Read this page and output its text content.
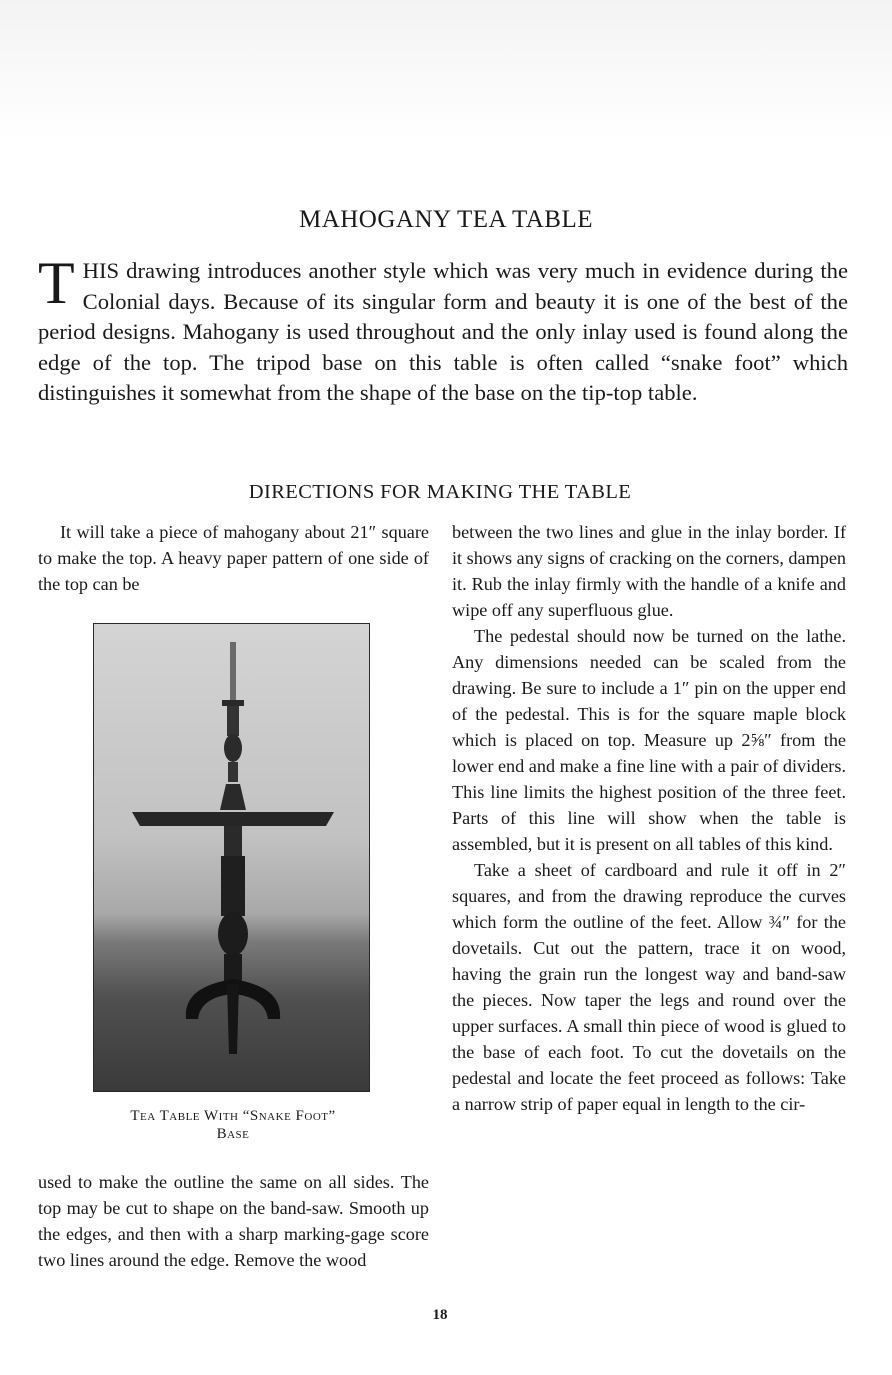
MAHOGANY TEA TABLE
T HIS drawing introduces another style which was very much in evidence during the Colonial days. Because of its singular form and beauty it is one of the best of the period designs. Mahogany is used throughout and the only inlay used is found along the edge of the top. The tripod base on this table is often called “snake foot” which distinguishes it somewhat from the shape of the base on the tip-top table.
DIRECTIONS FOR MAKING THE TABLE

It will take a piece of mahogany about 21″ square to make the top. A heavy paper pattern of one side of the top can be

Tea Table With “Snake Foot”
Base

used to make the outline the same on all sides. The top may be cut to shape on the band-saw. Smooth up the edges, and then with a sharp marking-gage score two lines around the edge. Remove the wood

between the two lines and glue in the inlay border. If it shows any signs of cracking on the corners, dampen it. Rub the inlay firmly with the handle of a knife and wipe off any superfluous glue.

The pedestal should now be turned on the lathe. Any dimensions needed can be scaled from the drawing. Be sure to include a 1″ pin on the upper end of the pedestal. This is for the square maple block which is placed on top. Measure up 2⅝″ from the lower end and make a fine line with a pair of dividers. This line limits the highest position of the three feet. Parts of this line will show when the table is assembled, but it is present on all tables of this kind.

Take a sheet of cardboard and rule it off in 2″ squares, and from the drawing reproduce the curves which form the outline of the feet. Allow ¾″ for the dovetails. Cut out the pattern, trace it on wood, having the grain run the longest way and band-saw the pieces. Now taper the legs and round over the upper surfaces. A small thin piece of wood is glued to the base of each foot. To cut the dovetails on the pedestal and locate the feet proceed as follows: Take a narrow strip of paper equal in length to the cir-

18
